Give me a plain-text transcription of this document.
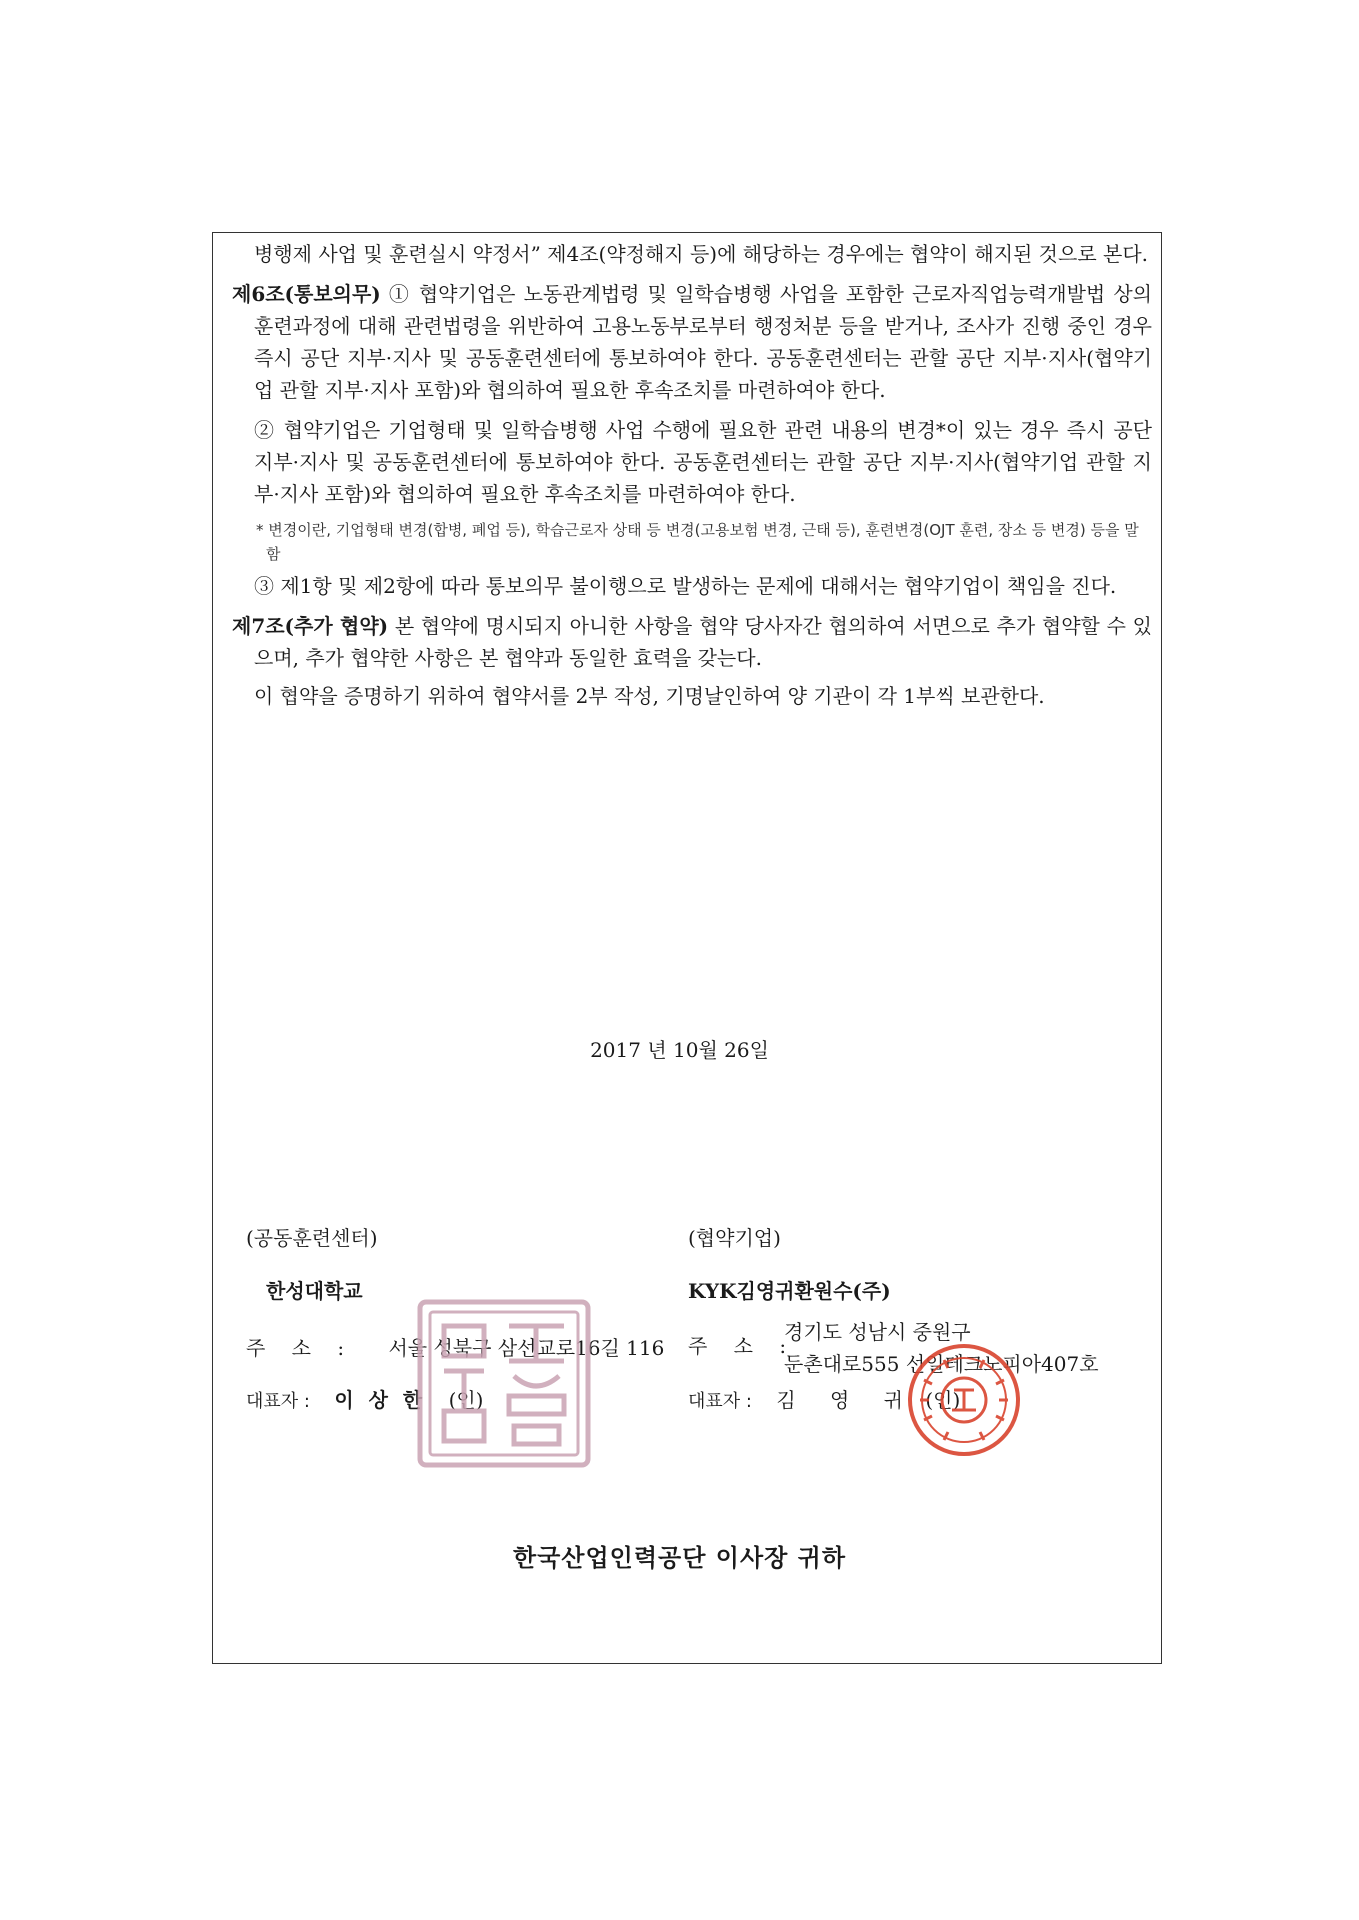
병행제 사업 및 훈련실시 약정서” 제4조(약정해지 등)에 해당하는 경우에는 협약이 해지된 것으로 본다.

제6조(통보의무) ① 협약기업은 노동관계법령 및 일학습병행 사업을 포함한 근로자직업능력개발법 상의 훈련과정에 대해 관련법령을 위반하여 고용노동부로부터 행정처분 등을 받거나, 조사가 진행 중인 경우 즉시 공단 지부·지사 및 공동훈련센터에 통보하여야 한다. 공동훈련센터는 관할 공단 지부·지사(협약기업 관할 지부·지사 포함)와 협의하여 필요한 후속조치를 마련하여야 한다.

② 협약기업은 기업형태 및 일학습병행 사업 수행에 필요한 관련 내용의 변경*이 있는 경우 즉시 공단 지부·지사 및 공동훈련센터에 통보하여야 한다. 공동훈련센터는 관할 공단 지부·지사(협약기업 관할 지부·지사 포함)와 협의하여 필요한 후속조치를 마련하여야 한다.

* 변경이란, 기업형태 변경(합병, 폐업 등), 학습근로자 상태 등 변경(고용보험 변경, 근태 등), 훈련변경(OJT 훈련, 장소 등 변경) 등을 말함

③ 제1항 및 제2항에 따라 통보의무 불이행으로 발생하는 문제에 대해서는 협약기업이 책임을 진다.

제7조(추가 협약) 본 협약에 명시되지 아니한 사항을 협약 당사자간 협의하여 서면으로 추가 협약할 수 있으며, 추가 협약한 사항은 본 협약과 동일한 효력을 갖는다.

이 협약을 증명하기 위하여 협약서를 2부 작성, 기명날인하여 양 기관이 각 1부씩 보관한다.

2017 년 10월 26일
(공동훈련센터)
한성대학교
주 소 : 서울 성북구 삼선교로16길 116
대표자 : 이 상 한 (인)
(협약기업)
KYK김영귀환원수(주)
주 소 :
경기도 성남시 중원구
둔촌대로555 선일테크노피아407호
대표자 : 김 영 귀 (인)
한국산업인력공단 이사장 귀하
